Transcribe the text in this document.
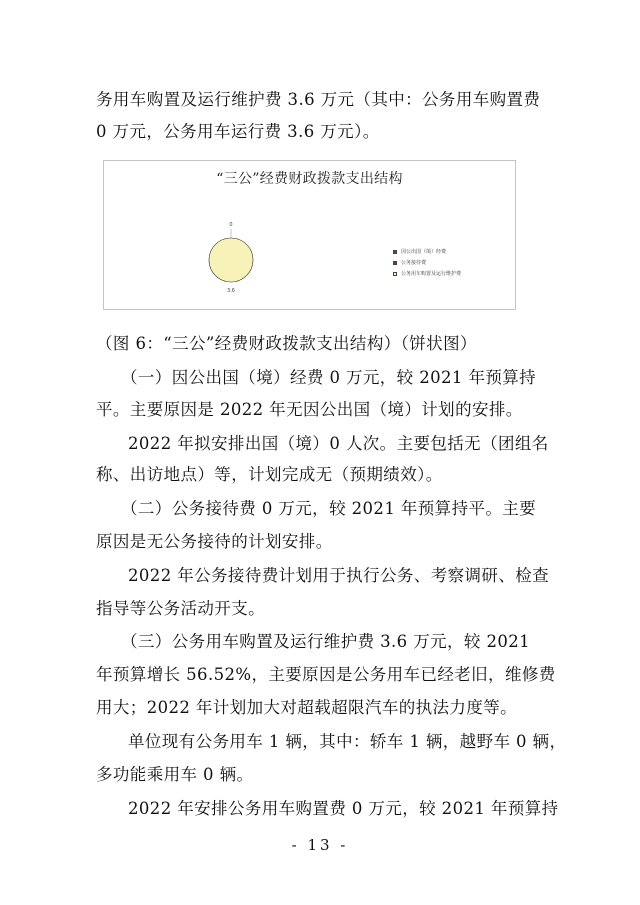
务用车购置及运行维护费 3.6 万元（其中：公务用车购置费
0 万元，公务用车运行费 3.6 万元）。
“三公”经费财政拨款支出结构
0
3.6
因公出国（境）经费
公务接待费
公务用车购置及运行维护费
（图 6：“三公”经费财政拨款支出结构）（饼状图）
（一）因公出国（境）经费 0 万元，较 2021 年预算持
平。主要原因是 2022 年无因公出国（境）计划的安排。
2022 年拟安排出国（境）0 人次。主要包括无（团组名
称、出访地点）等，计划完成无（预期绩效）。
（二）公务接待费 0 万元，较 2021 年预算持平。主要
原因是无公务接待的计划安排。
2022 年公务接待费计划用于执行公务、考察调研、检查
指导等公务活动开支。
（三）公务用车购置及运行维护费 3.6 万元，较 2021
年预算增长 56.52%，主要原因是公务用车已经老旧，维修费
用大；2022 年计划加大对超载超限汽车的执法力度等。
单位现有公务用车 1 辆，其中：轿车 1 辆，越野车 0 辆，
多功能乘用车 0 辆。
2022 年安排公务用车购置费 0 万元，较 2021 年预算持
- 13 -
